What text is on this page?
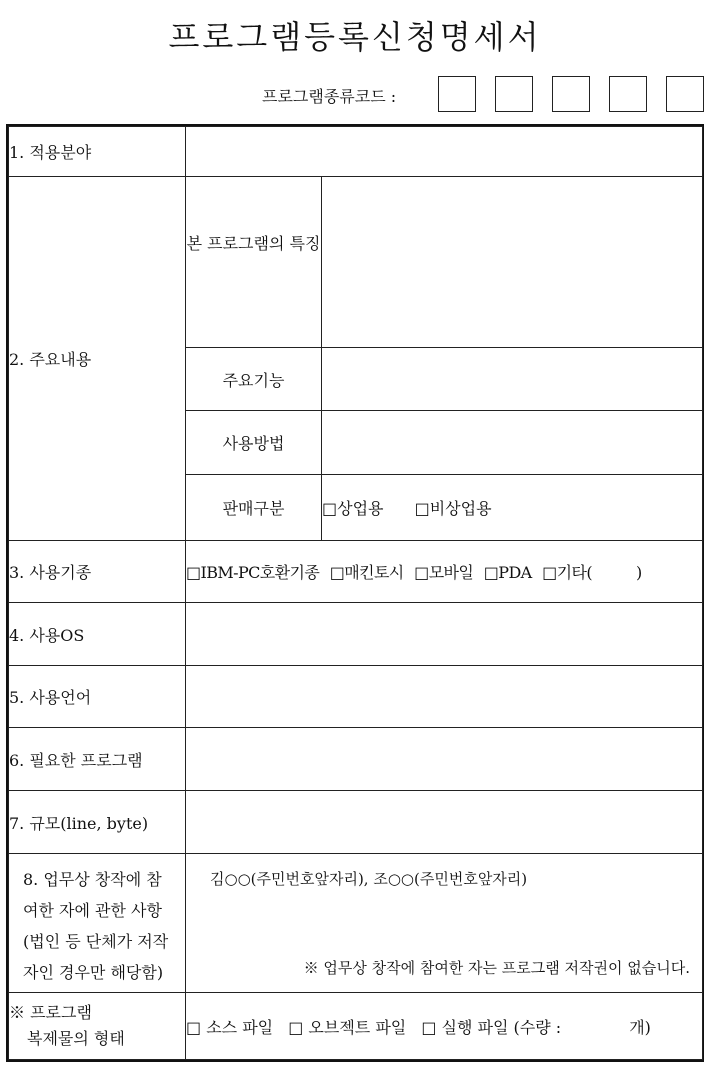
프로그램등록신청명세서
프로그램종류코드 :
1. 적용분야		
2. 주요내용	본 프로그램의 특징	
	주요기능	
	사용방법	
	판매구분	□상업용 □비상업용
3. 사용기종	□IBM-PC호환기종 □매킨토시 □모바일 □PDA □기타( )	
4. 사용OS		
5. 사용언어		
6. 필요한 프로그램		
7. 규모(line, byte)		
8. 업무상 창작에 참여한 자에 관한 사항(법인 등 단체가 저작자인 경우만 해당함)	김○○(주민번호앞자리), 조○○(주민번호앞자리)
※ 업무상 창작에 참여한 자는 프로그램 저작권이 없습니다.	

※ 프로그램
복제물의 형태	□ 소스 파일 □ 오브젝트 파일 □ 실행 파일 (수량 : 개)	
